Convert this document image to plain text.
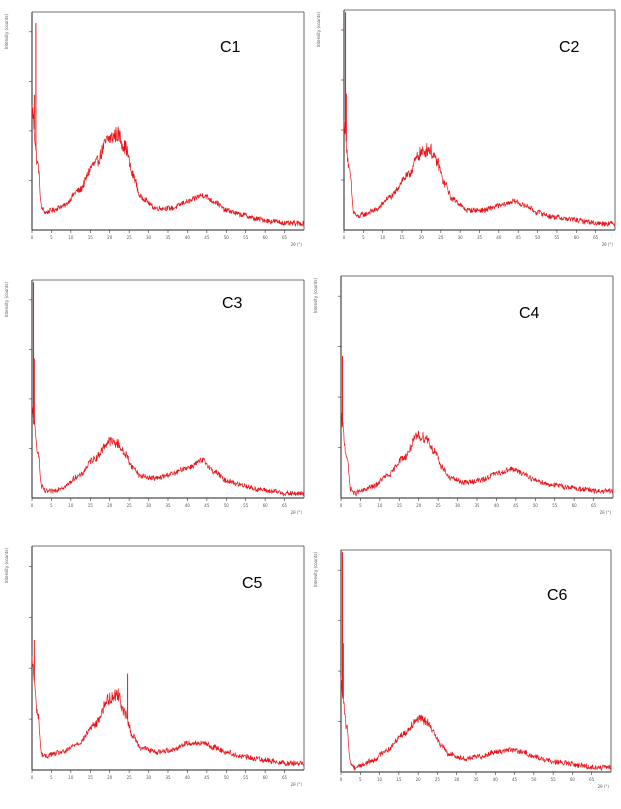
0	5	10	15	20	25	30	35	40	45	50	55	60	65
2θ (°)
Intensity (counts)	C1
0	5	10	15	20	25	30	35	40	45	50	55	60	65
2θ (°)
Intensity (counts)
C2
0	5	10	15	20	25	30	35	40	45	50	55	60	65
2θ (°)
Intensity (counts)	C3
0	5	10	15	20	25	30	35	40	45	50	55	60	65
2θ (°)
Intensity (counts)
C4
0	5	10	15	20	25	30	35	40	45	50	55	60	65
2θ (°)
Intensity (counts)
C5
0	5	10	15	20	25	30	35	40	45	50	55	60	65
2θ (°)
Intensity (counts)
C6
